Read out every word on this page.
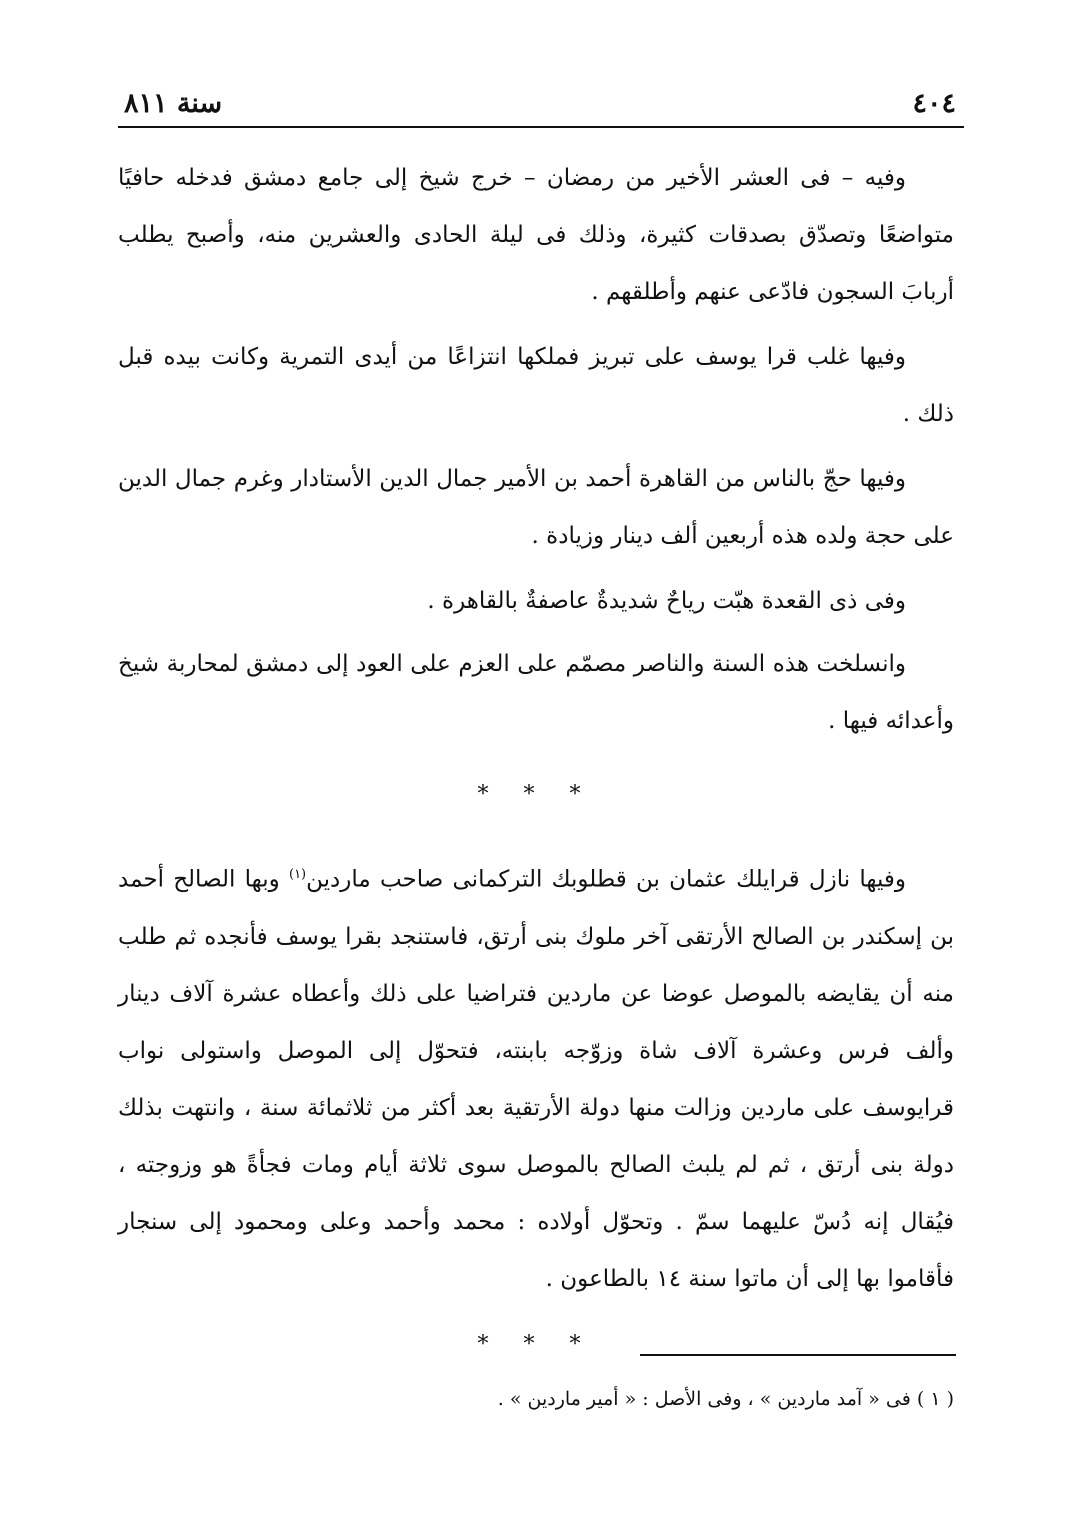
٤٠٤
سنة ٨١١

وفيه – فى العشر الأخير من رمضان – خرج شيخ إلى جامع دمشق فدخله حافيًا متواضعًا وتصدّق بصدقات كثيرة، وذلك فى ليلة الحادى والعشرين منه، وأصبح يطلب أربابَ السجون فادّعى عنهم وأطلقهم .

وفيها غلب قرا يوسف على تبريز فملكها انتزاعًا من أيدى التمرية وكانت بيده قبل ذلك .

وفيها حجّ بالناس من القاهرة أحمد بن الأمير جمال الدين الأستادار وغرم جمال الدين على حجة ولده هذه أربعين ألف دينار وزيادة .

وفى ذى القعدة هبّت رياحٌ شديدةٌ عاصفةٌ بالقاهرة .

وانسلخت هذه السنة والناصر مصمّم على العزم على العود إلى دمشق لمحاربة شيخ وأعدائه فيها .

* * *

وفيها نازل قرايلك عثمان بن قطلوبك التركمانى صاحب ماردين$^{(١)}$ وبها الصالح أحمد بن إسكندر بن الصالح الأرتقى آخر ملوك بنى أرتق، فاستنجد بقرا يوسف فأنجده ثم طلب منه أن يقايضه بالموصل عوضا عن ماردين فتراضيا على ذلك وأعطاه عشرة آلاف دينار وألف فرس وعشرة آلاف شاة وزوّجه بابنته، فتحوّل إلى الموصل واستولى نواب قرايوسف على ماردين وزالت منها دولة الأرتقية بعد أكثر من ثلاثمائة سنة ، وانتهت بذلك دولة بنى أرتق ، ثم لم يلبث الصالح بالموصل سوى ثلاثة أيام ومات فجأةً هو وزوجته ، فيُقال إنه دُسّ عليهما سمّ . وتحوّل أولاده : محمد وأحمد وعلى ومحمود إلى سنجار فأقاموا بها إلى أن ماتوا سنة ١٤ بالطاعون .

* * *
( ١ ) فى « آمد ماردين » ، وفى الأصل : « أمير ماردين » .
